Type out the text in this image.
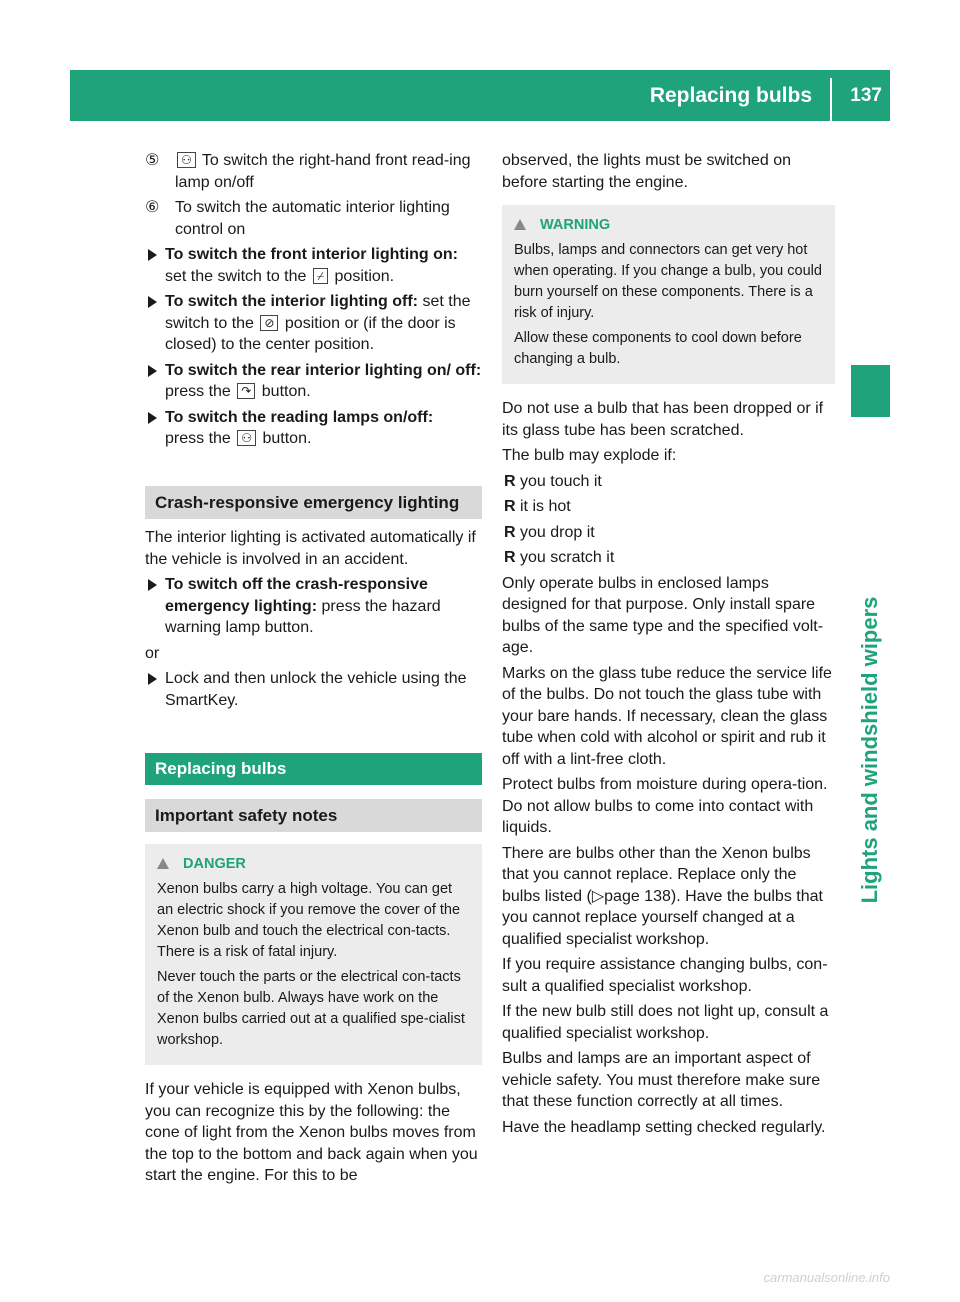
Replacing bulbs	137
Lights and windshield wipers
⑤ ⚇ To switch the right-hand front read-ing lamp on/off
⑥ To switch the automatic interior lighting control on
To switch the front interior lighting on:
set the switch to the ⌿ position.
To switch the interior lighting off: set the switch to the ⊘ position or (if the door is closed) to the center position.
To switch the rear interior lighting on/ off: press the ↷ button.
To switch the reading lamps on/off:
press the ⚇ button.
Crash-responsive emergency lighting

The interior lighting is activated automatically if the vehicle is involved in an accident.

To switch off the crash-responsive emergency lighting: press the hazard warning lamp button.

or

Lock and then unlock the vehicle using the SmartKey.
Replacing bulbs
Important safety notes
DANGER

Xenon bulbs carry a high voltage. You can get an electric shock if you remove the cover of the Xenon bulb and touch the electrical con-tacts. There is a risk of fatal injury.

Never touch the parts or the electrical con-tacts of the Xenon bulb. Always have work on the Xenon bulbs carried out at a qualified spe-cialist workshop.

If your vehicle is equipped with Xenon bulbs, you can recognize this by the following: the cone of light from the Xenon bulbs moves from the top to the bottom and back again when you start the engine. For this to be

observed, the lights must be switched on before starting the engine.

WARNING

Bulbs, lamps and connectors can get very hot when operating. If you change a bulb, you could burn yourself on these components. There is a risk of injury.

Allow these components to cool down before changing a bulb.

Do not use a bulb that has been dropped or if its glass tube has been scratched.

The bulb may explode if:

R you touch it
R it is hot
R you drop it
R you scratch it

Only operate bulbs in enclosed lamps designed for that purpose. Only install spare bulbs of the same type and the specified volt-age.

Marks on the glass tube reduce the service life of the bulbs. Do not touch the glass tube with your bare hands. If necessary, clean the glass tube when cold with alcohol or spirit and rub it off with a lint-free cloth.

Protect bulbs from moisture during opera-tion. Do not allow bulbs to come into contact with liquids.

There are bulbs other than the Xenon bulbs that you cannot replace. Replace only the bulbs listed (▷page 138). Have the bulbs that you cannot replace yourself changed at a qualified specialist workshop.

If you require assistance changing bulbs, con-sult a qualified specialist workshop.

If the new bulb still does not light up, consult a qualified specialist workshop.

Bulbs and lamps are an important aspect of vehicle safety. You must therefore make sure that these function correctly at all times.

Have the headlamp setting checked regularly.

carmanualsonline.info
